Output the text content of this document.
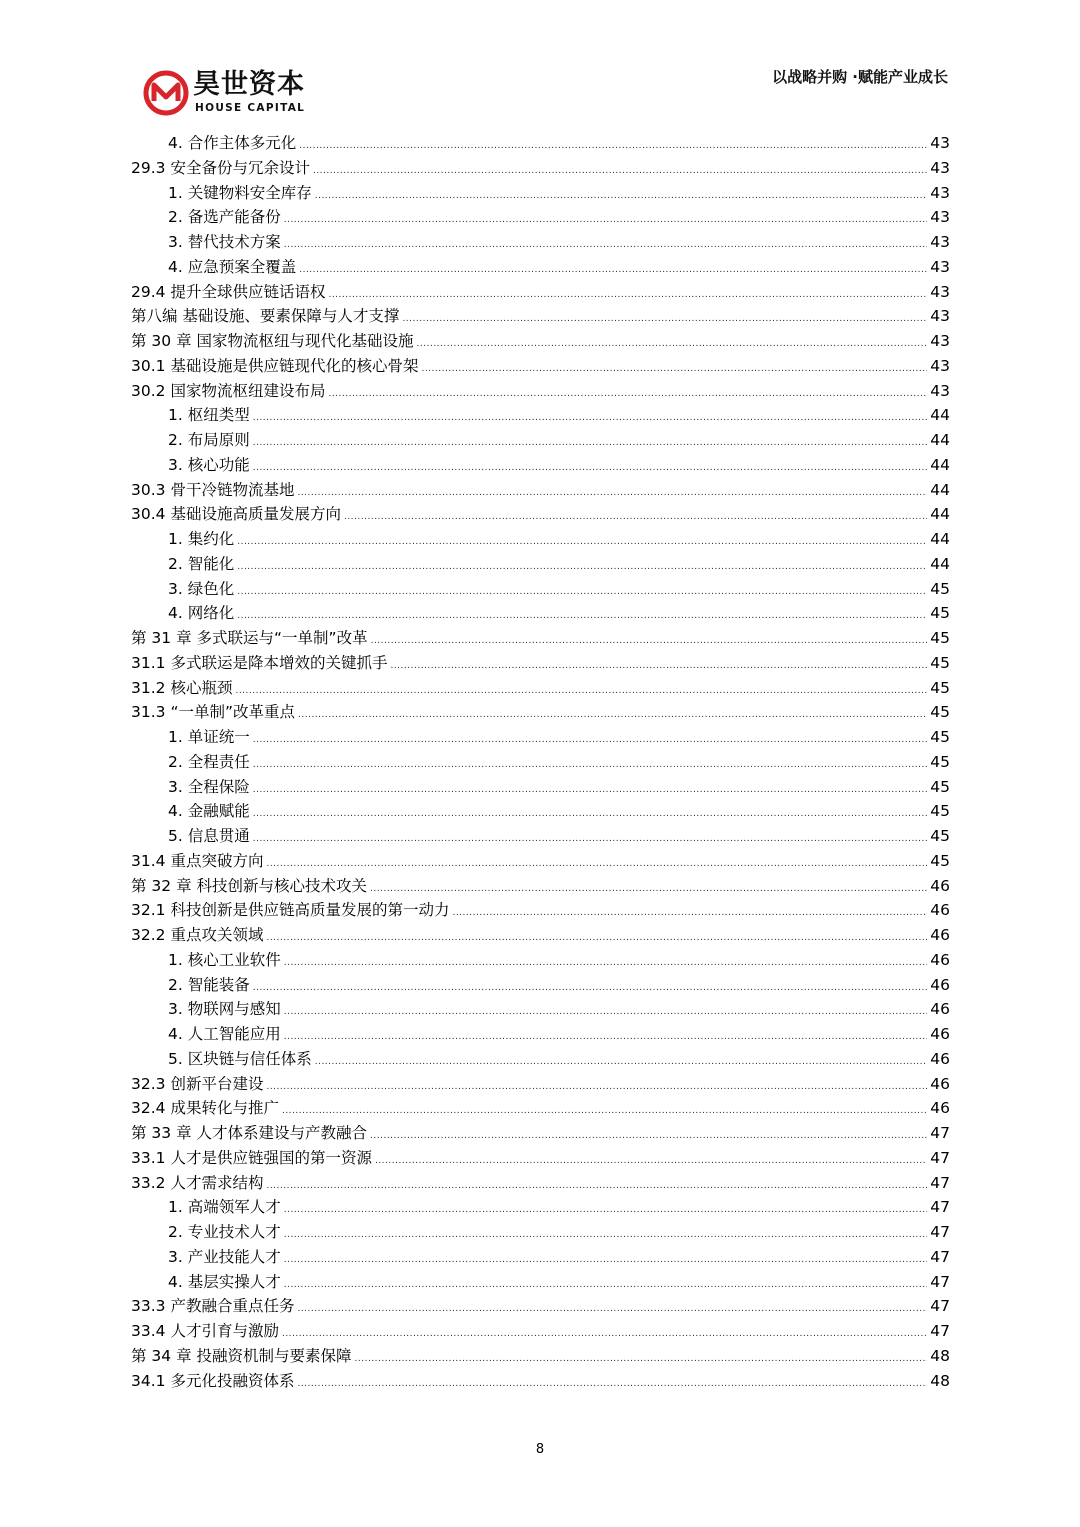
昊世资本
HOUSE CAPITAL
以战略并购 ·赋能产业成长
4. 合作主体多元化 .....	43
29.3 安全备份与冗余设计 .....	43
1. 关键物料安全库存 .....	43
2. 备选产能备份 .....	43
3. 替代技术方案 .....	43
4. 应急预案全覆盖 .....	43
29.4 提升全球供应链话语权 .....	43
第八编 基础设施、要素保障与人才支撑 .....	43
第 30 章 国家物流枢纽与现代化基础设施 .....	43
30.1 基础设施是供应链现代化的核心骨架 .....	43
30.2 国家物流枢纽建设布局 .....	43
1. 枢纽类型 .....	44
2. 布局原则 .....	44
3. 核心功能 .....	44
30.3 骨干冷链物流基地 .....	44
30.4 基础设施高质量发展方向 .....	44
1. 集约化 .....	44
2. 智能化 .....	44
3. 绿色化 .....	45
4. 网络化 .....	45
第 31 章 多式联运与“一单制”改革 .....	45
31.1 多式联运是降本增效的关键抓手 .....	45
31.2 核心瓶颈 .....	45
31.3 “一单制”改革重点 .....	45
1. 单证统一 .....	45
2. 全程责任 .....	45
3. 全程保险 .....	45
4. 金融赋能 .....	45
5. 信息贯通 .....	45
31.4 重点突破方向 .....	45
第 32 章 科技创新与核心技术攻关 .....	46
32.1 科技创新是供应链高质量发展的第一动力 .....	46
32.2 重点攻关领域 .....	46
1. 核心工业软件 .....	46
2. 智能装备 .....	46
3. 物联网与感知 .....	46
4. 人工智能应用 .....	46
5. 区块链与信任体系 .....	46
32.3 创新平台建设 .....	46
32.4 成果转化与推广 .....	46
第 33 章 人才体系建设与产教融合 .....	47
33.1 人才是供应链强国的第一资源 .....	47
33.2 人才需求结构 .....	47
1. 高端领军人才 .....	47
2. 专业技术人才 .....	47
3. 产业技能人才 .....	47
4. 基层实操人才 .....	47
33.3 产教融合重点任务 .....	47
33.4 人才引育与激励 .....	47
第 34 章 投融资机制与要素保障 .....	48
34.1 多元化投融资体系 .....	48
8
